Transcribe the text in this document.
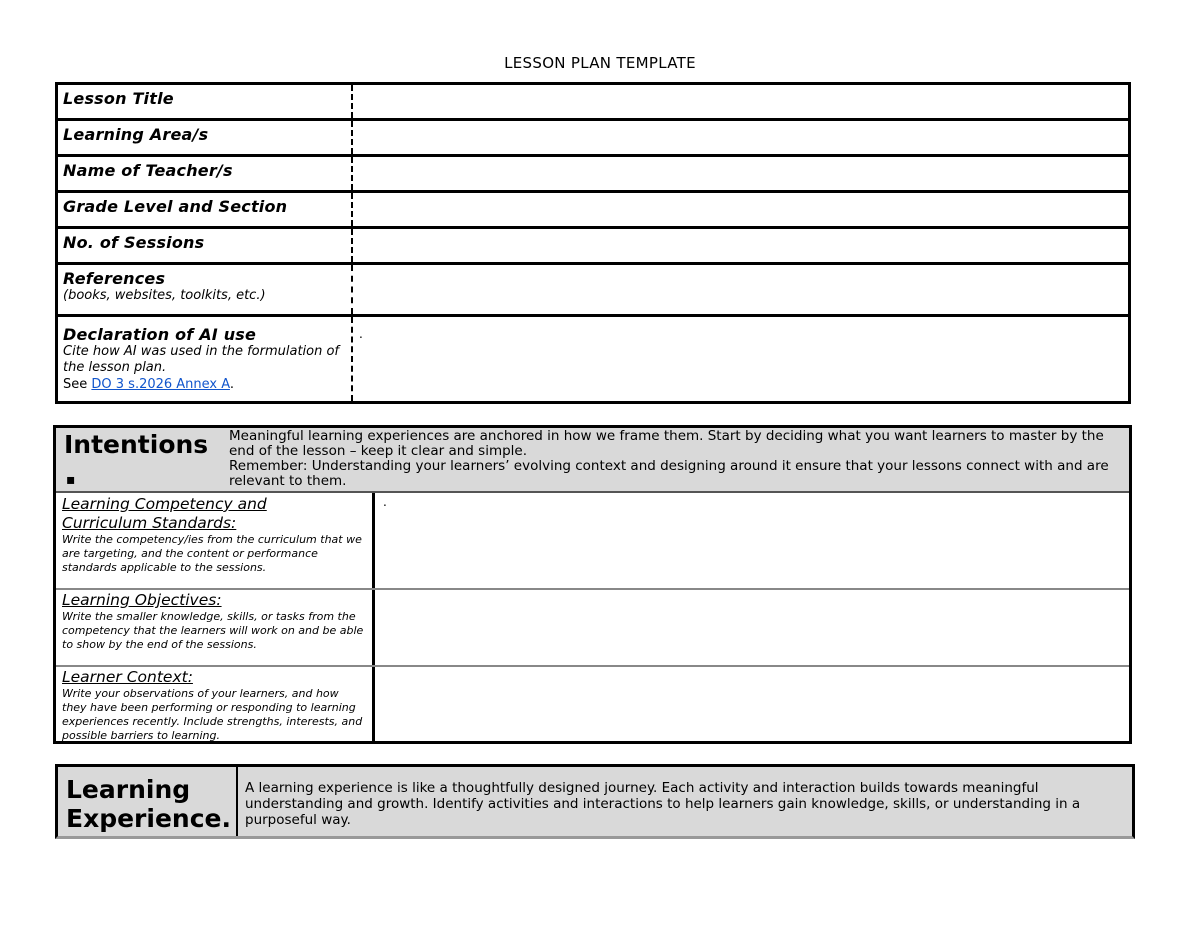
LESSON PLAN TEMPLATE
Lesson Title
Learning Area/s
Name of Teacher/s
Grade Level and Section
No. of Sessions
References
(books, websites, toolkits, etc.)
Declaration of AI use
Cite how AI was used in the formulation of the lesson plan.
See DO 3 s.2026 Annex A.
.
Intentions
▪
Meaningful learning experiences are anchored in how we frame them. Start by deciding what you want learners to master by the end of the lesson – keep it clear and simple.
Remember: Understanding your learners’ evolving context and designing around it ensure that your lessons connect with and are relevant to them.
Learning Competency and Curriculum Standards:
Write the competency/ies from the curriculum that we are targeting, and the content or performance standards applicable to the sessions.
.
Learning Objectives:
Write the smaller knowledge, skills, or tasks from the competency that the learners will work on and be able to show by the end of the sessions.
Learner Context:
Write your observations of your learners, and how they have been performing or responding to learning experiences recently. Include strengths, interests, and possible barriers to learning.
Learning Experience.
A learning experience is like a thoughtfully designed journey. Each activity and interaction builds towards meaningful understanding and growth. Identify activities and interactions to help learners gain knowledge, skills, or understanding in a purposeful way.
